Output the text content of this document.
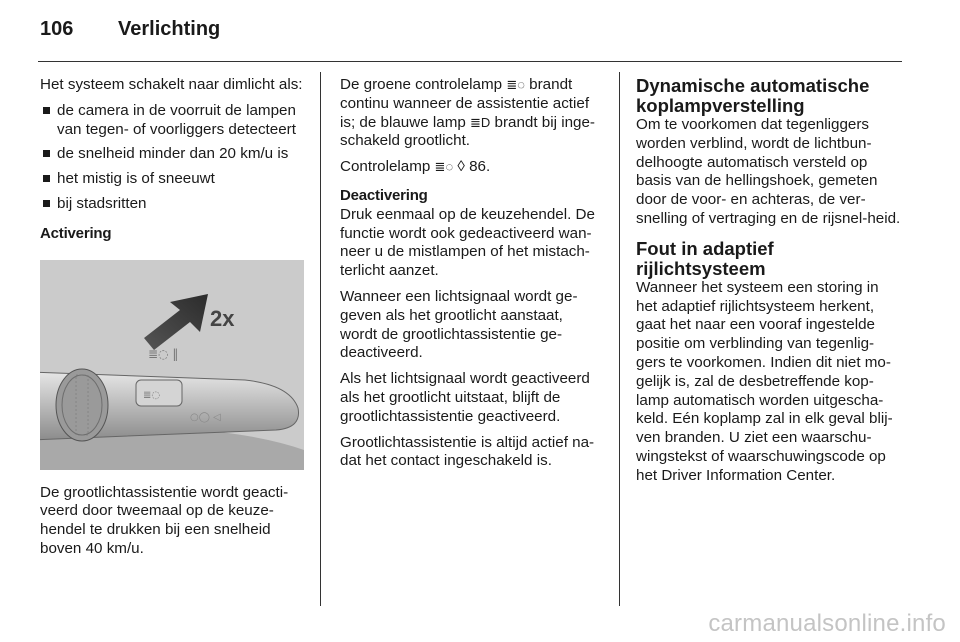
106	Verlichting

Het systeem schakelt naar dimlicht als:

de camera in de voorruit de lampen van tegen- of voorliggers detecteert
de snelheid minder dan 20 km/u is
het mistig is of sneeuwt
bij stadsritten
Activering
≣◌
≣◌ ‖
○◯ ◁
2x

De grootlichtassistentie wordt geacti-veerd door tweemaal op de keuze-hendel te drukken bij een snelheid boven 40 km/u.

De groene controlelamp ≣◌ brandt continu wanneer de assistentie actief is; de blauwe lamp ≣D brandt bij inge-schakeld grootlicht.

Controlelamp ≣◌ ◊ 86.

Deactivering

Druk eenmaal op de keuzehendel. De functie wordt ook gedeactiveerd wan-neer u de mistlampen of het mistach-terlicht aanzet.

Wanneer een lichtsignaal wordt ge-geven als het grootlicht aanstaat, wordt de grootlichtassistentie ge-deactiveerd.

Als het lichtsignaal wordt geactiveerd als het grootlicht uitstaat, blijft de grootlichtassistentie geactiveerd.

Grootlichtassistentie is altijd actief na-dat het contact ingeschakeld is.

Dynamische automatische koplampverstelling

Om te voorkomen dat tegenliggers worden verblind, wordt de lichtbun-delhoogte automatisch versteld op basis van de hellingshoek, gemeten door de voor- en achteras, de ver-snelling of vertraging en de rijsnel-heid.

Fout in adaptief rijlichtsysteem

Wanneer het systeem een storing in het adaptief rijlichtsysteem herkent, gaat het naar een vooraf ingestelde positie om verblinding van tegenlig-gers te voorkomen. Indien dit niet mo-gelijk is, zal de desbetreffende kop-lamp automatisch worden uitgescha-keld. Eén koplamp zal in elk geval blij-ven branden. U ziet een waarschu-wingstekst of waarschuwingscode op het Driver Information Center.

carmanualsonline.info
